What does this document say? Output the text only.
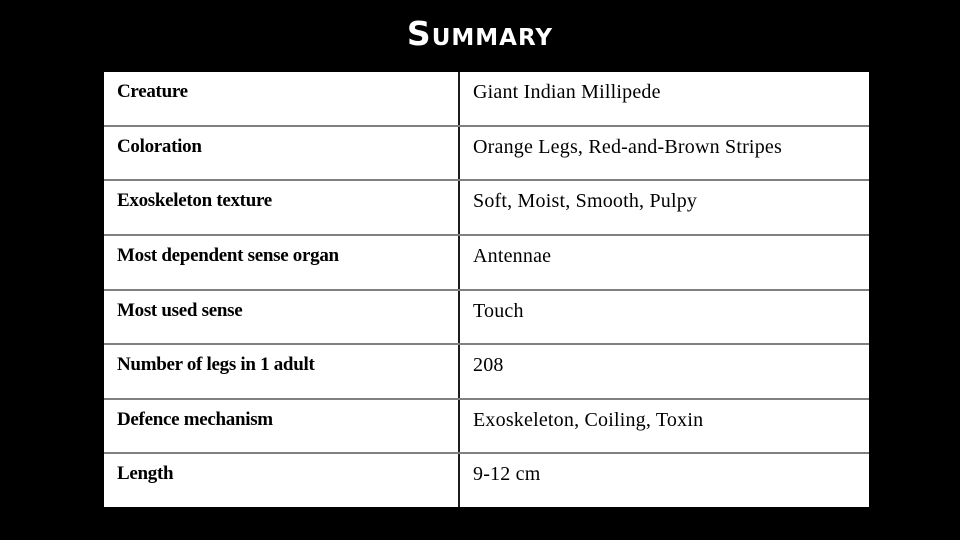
Summary
Creature	Giant Indian Millipede
Coloration	Orange Legs, Red-and-Brown Stripes
Exoskeleton texture	Soft, Moist, Smooth, Pulpy
Most dependent sense organ	Antennae
Most used sense	Touch
Number of legs in 1 adult	208
Defence mechanism	Exoskeleton, Coiling, Toxin
Length	9-12 cm
